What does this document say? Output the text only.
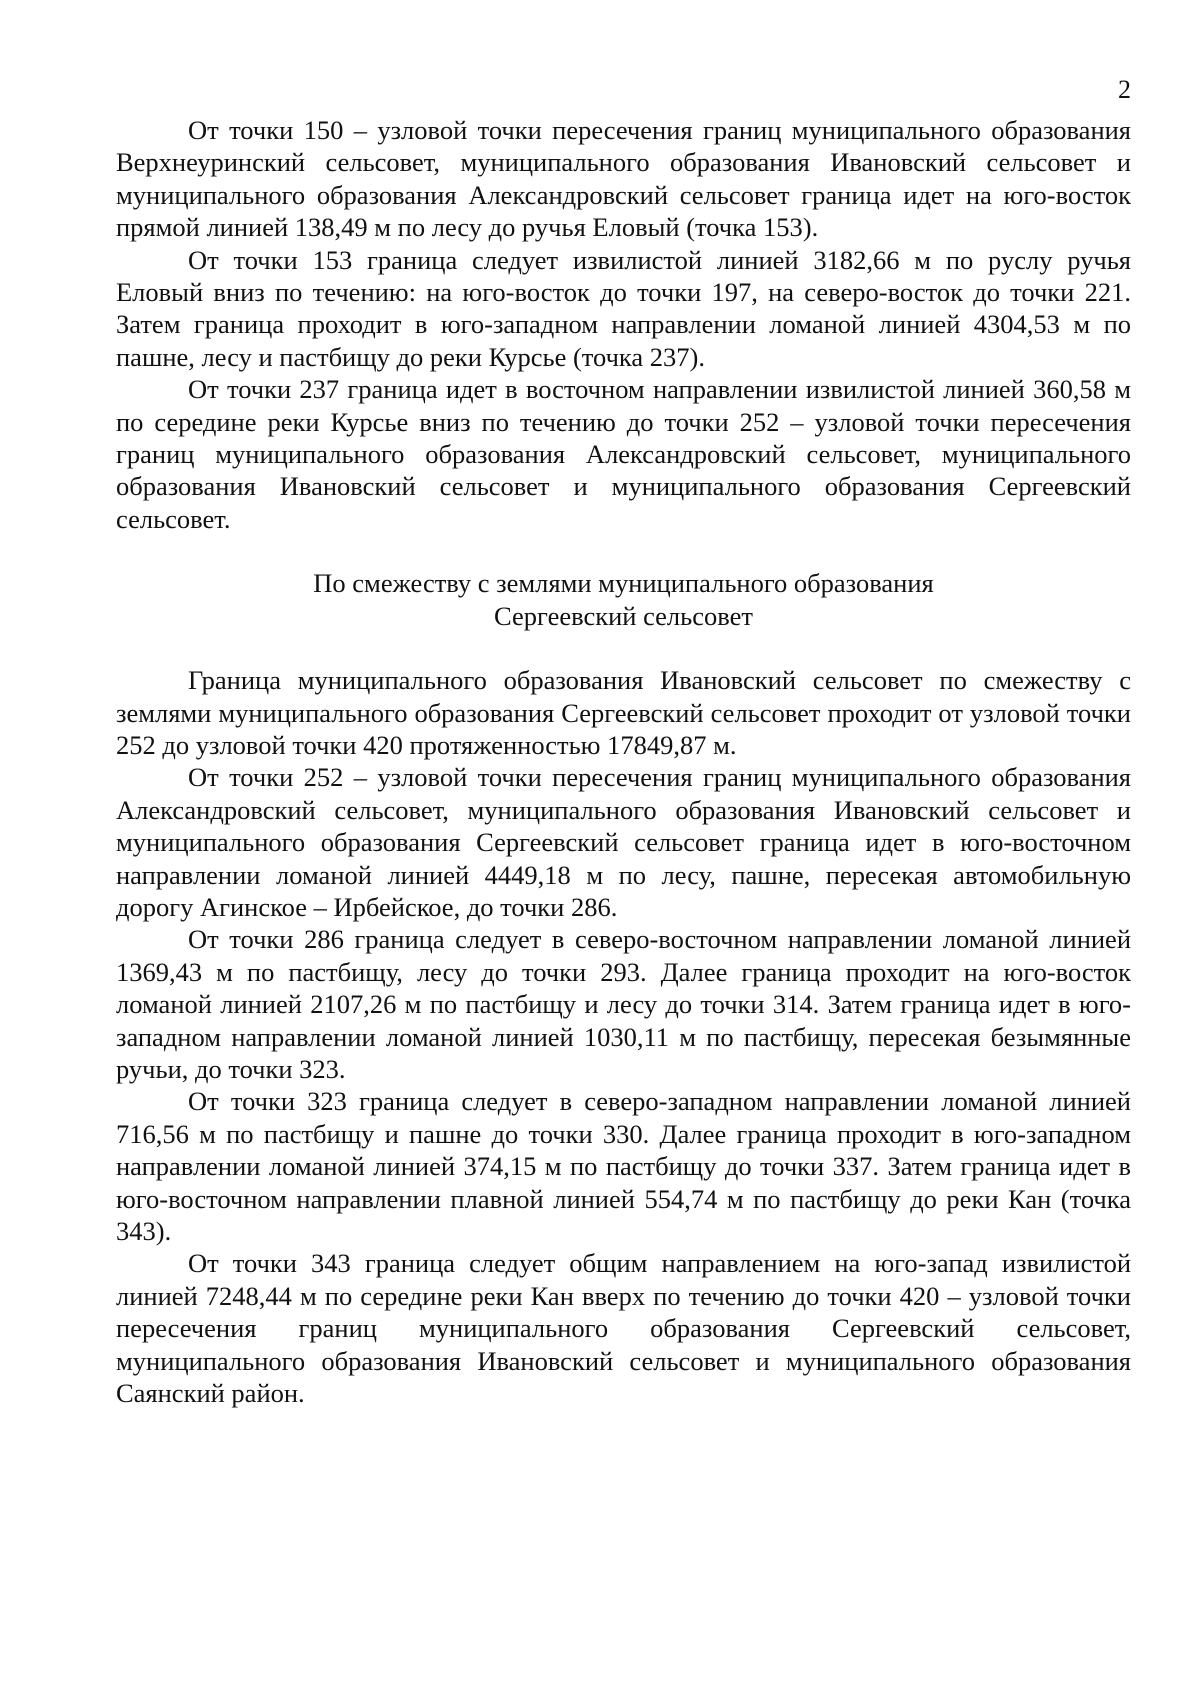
2

От точки 150 – узловой точки пересечения границ муниципального образования Верхнеуринский сельсовет, муниципального образования Ивановский сельсовет и муниципального образования Александровский сельсовет граница идет на юго-восток прямой линией 138,49 м по лесу до ручья Еловый (точка 153).

От точки 153 граница следует извилистой линией 3182,66 м по руслу ручья Еловый вниз по течению: на юго-восток до точки 197, на северо-восток до точки 221. Затем граница проходит в юго-западном направлении ломаной линией 4304,53 м по пашне, лесу и пастбищу до реки Курсье (точка 237).

От точки 237 граница идет в восточном направлении извилистой линией 360,58 м по середине реки Курсье вниз по течению до точки 252 – узловой точки пересечения границ муниципального образования Александровский сельсовет, муниципального образования Ивановский сельсовет и муниципального образования Сергеевский сельсовет.

По смежеству с землями муниципального образования
Сергеевский сельсовет

Граница муниципального образования Ивановский сельсовет по смежеству с землями муниципального образования Сергеевский сельсовет проходит от узловой точки 252 до узловой точки 420 протяженностью 17849,87 м.

От точки 252 – узловой точки пересечения границ муниципального образования Александровский сельсовет, муниципального образования Ивановский сельсовет и муниципального образования Сергеевский сельсовет граница идет в юго-восточном направлении ломаной линией 4449,18 м по лесу, пашне, пересекая автомобильную дорогу Агинское – Ирбейское, до точки 286.

От точки 286 граница следует в северо-восточном направлении ломаной линией 1369,43 м по пастбищу, лесу до точки 293. Далее граница проходит на юго-восток ломаной линией 2107,26 м по пастбищу и лесу до точки 314. Затем граница идет в юго-западном направлении ломаной линией 1030,11 м по пастбищу, пересекая безымянные ручьи, до точки 323.

От точки 323 граница следует в северо-западном направлении ломаной линией 716,56 м по пастбищу и пашне до точки 330. Далее граница проходит в юго-западном направлении ломаной линией 374,15 м по пастбищу до точки 337. Затем граница идет в юго-восточном направлении плавной линией 554,74 м по пастбищу до реки Кан (точка 343).

От точки 343 граница следует общим направлением на юго-запад извилистой линией 7248,44 м по середине реки Кан вверх по течению до точки 420 – узловой точки пересечения границ муниципального образования Сергеевский сельсовет, муниципального образования Ивановский сельсовет и муниципального образования Саянский район.
